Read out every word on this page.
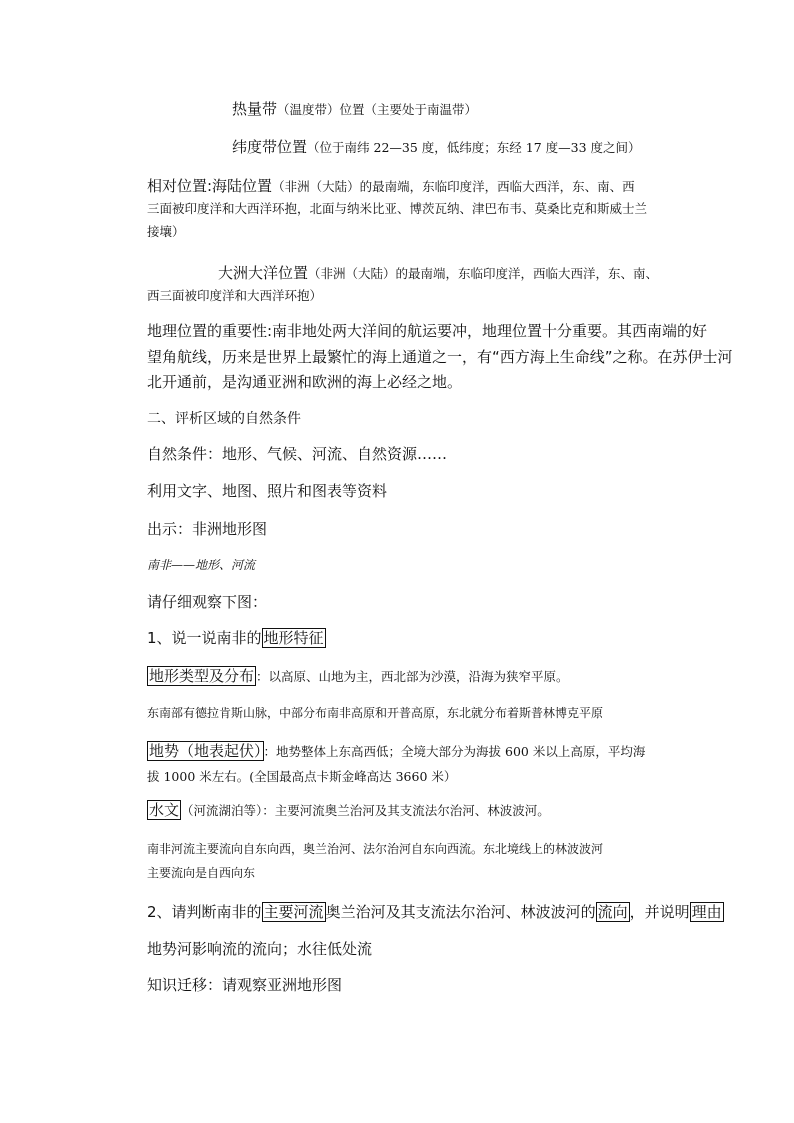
热量带（温度带）位置（主要处于南温带）
纬度带位置（位于南纬 22—35 度，低纬度；东经 17 度—33 度之间）
相对位置:海陆位置（非洲（大陆）的最南端，东临印度洋，西临大西洋，东、南、西
三面被印度洋和大西洋环抱，北面与纳米比亚、博茨瓦纳、津巴布韦、莫桑比克和斯威士兰
接壤）
大洲大洋位置（非洲（大陆）的最南端，东临印度洋，西临大西洋，东、南、
西三面被印度洋和大西洋环抱）
地理位置的重要性:南非地处两大洋间的航运要冲，地理位置十分重要。其西南端的好
望角航线，历来是世界上最繁忙的海上通道之一，有“西方海上生命线”之称。在苏伊士河
北开通前，是沟通亚洲和欧洲的海上必经之地。
二、评析区域的自然条件
自然条件：地形、气候、河流、自然资源……
利用文字、地图、照片和图表等资料
出示：非洲地形图
南非——地形、河流
请仔细观察下图：
1、说一说南非的 地形特征
地形类型及分布 ：以高原、山地为主，西北部为沙漠，沿海为狭窄平原。
东南部有德拉肯斯山脉，中部分布南非高原和开普高原，东北就分布着斯普林博克平原
地势（地表起伏） ：地势整体上东高西低；全境大部分为海拔 600 米以上高原，平均海
拔 1000 米左右。(全国最高点卡斯金峰高达 3660 米）
水文 （河流湖泊等）：主要河流奥兰治河及其支流法尔治河、林波波河。
南非河流主要流向自东向西，奥兰治河、法尔治河自东向西流。东北境线上的林波波河
主要流向是自西向东
2、请判断南非的 主要河流 奥兰治河及其支流法尔治河、林波波河的 流向 ，并说明 理由
地势河影响流的流向；水往低处流
知识迁移：请观察亚洲地形图
